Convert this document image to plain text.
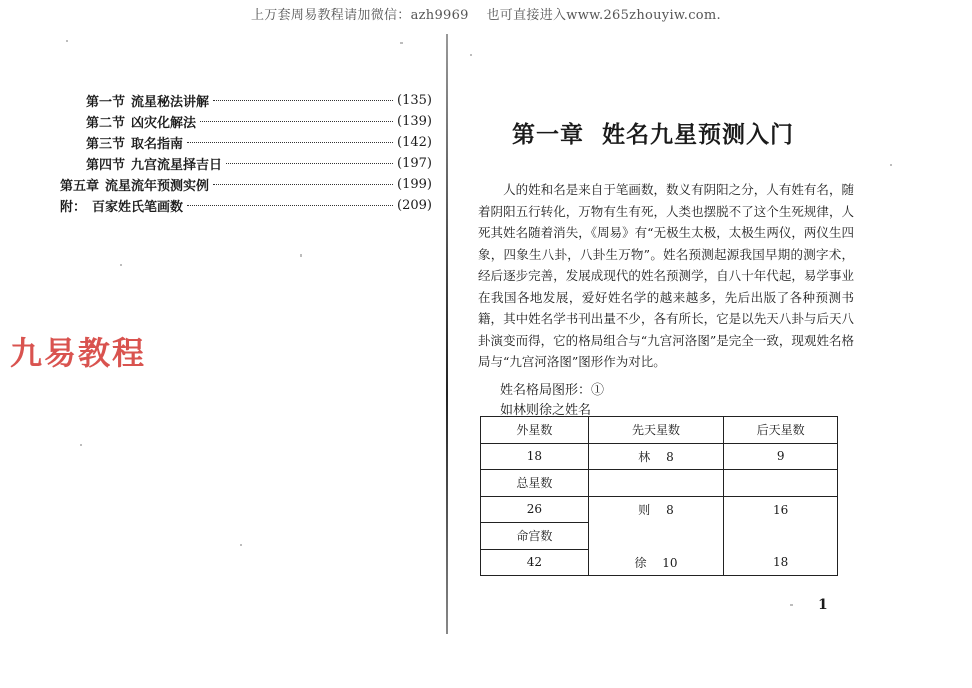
上万套周易教程请加微信：azh9969　 也可直接进入www.265zhouyiw.com.
第一节 流星秘法讲解	(135)
第二节 凶灾化解法	(139)
第三节 取名指南	(142)
第四节 九宫流星择吉日	(197)
第五章 流星流年预测实例	(199)
附： 百家姓氏笔画数	(209)
九易教程
第一章 姓名九星预测入门

　　人的姓和名是来自于笔画数，数义有阴阳之分，人有姓有名，随着阴阳五行转化，万物有生有死，人类也摆脱不了这个生死规律，人死其姓名随着消失，《周易》有“无极生太极，太极生两仪，两仪生四象，四象生八卦，八卦生万物”。姓名预测起源我国早期的测字术，经后逐步完善，发展成现代的姓名预测学，自八十年代起，易学事业在我国各地发展，爱好姓名学的越来越多，先后出版了各种预测书籍，其中姓名学书刊出量不少，各有所长，它是以先天八卦与后天八卦演变而得，它的格局组合与“九宫河洛图”是完全一致，现观姓名格局与“九宫河洛图”图形作为对比。

姓名格局图形：①
如林则徐之姓名
外星数	先天星数	后天星数
18	林　 8	9
总星数		
26	则　 8	16
命宫数		
42	徐　 10	18
1
